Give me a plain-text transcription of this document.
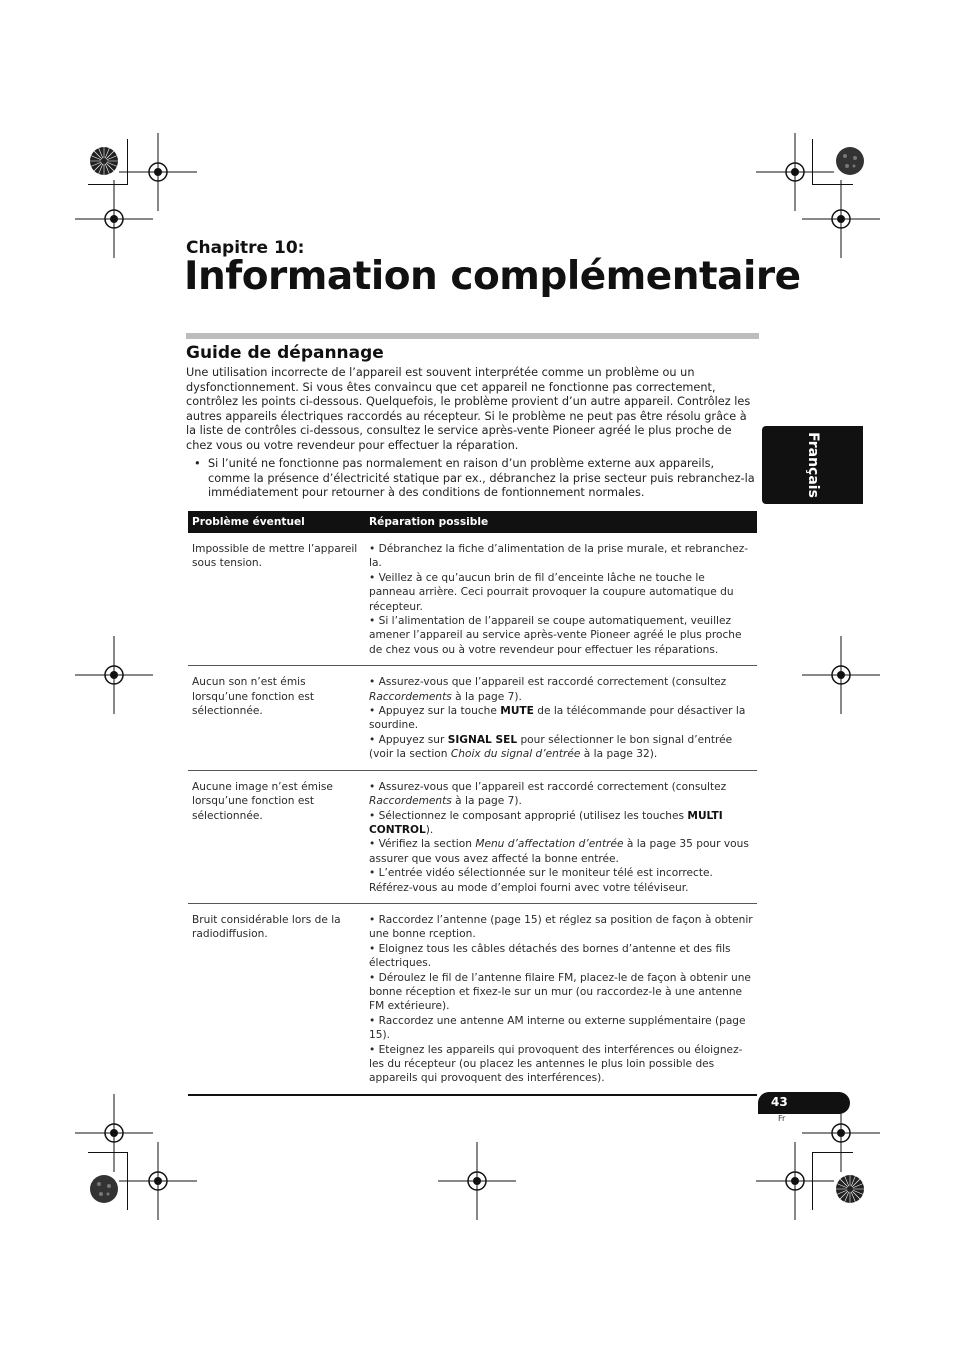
Chapitre 10:
Information complémentaire
Guide de dépannage
Une utilisation incorrecte de l’appareil est souvent interprétée comme un problème ou un dysfonctionnement. Si vous êtes convaincu que cet appareil ne fonctionne pas correctement, contrôlez les points ci-dessous. Quelquefois, le problème provient d’un autre appareil. Contrôlez les autres appareils électriques raccordés au récepteur. Si le problème ne peut pas être résolu grâce à la liste de contrôles ci-dessous, consultez le service après-vente Pioneer agréé le plus proche de chez vous ou votre revendeur pour effectuer la réparation.
• Si l’unité ne fonctionne pas normalement en raison d’un problème externe aux appareils, comme la présence d’électricité statique par ex., débranchez la prise secteur puis rebranchez-la immédiatement pour retourner à des conditions de fontionnement normales.	Français
Problème éventuel	Réparation possible
Impossible de mettre l’appareil sous tension.	• Débranchez la fiche d’alimentation de la prise murale, et rebranchez-la.
• Veillez à ce qu’aucun brin de fil d’enceinte lâche ne touche le panneau arrière. Ceci pourrait provoquer la coupure automatique du récepteur.
• Si l’alimentation de l’appareil se coupe automatiquement, veuillez amener l’appareil au service après-vente Pioneer agréé le plus proche de chez vous ou à votre revendeur pour effectuer les réparations.

Aucun son n’est émis lorsqu’une fonction est sélectionnée.	• Assurez-vous que l’appareil est raccordé correctement (consultez Raccordements à la page 7).
• Appuyez sur la touche MUTE de la télécommande pour désactiver la sourdine.
• Appuyez sur SIGNAL SEL pour sélectionner le bon signal d’entrée (voir la section Choix du signal d’entrée à la page 32).

Aucune image n’est émise lorsqu’une fonction est sélectionnée.	• Assurez-vous que l’appareil est raccordé correctement (consultez Raccordements à la page 7).
• Sélectionnez le composant approprié (utilisez les touches MULTI CONTROL).
• Vérifiez la section Menu d’affectation d’entrée à la page 35 pour vous assurer que vous avez affecté la bonne entrée.
• L’entrée vidéo sélectionnée sur le moniteur télé est incorrecte. Référez-vous au mode d’emploi fourni avec votre téléviseur.

Bruit considérable lors de la radiodiffusion.	• Raccordez l’antenne (page 15) et réglez sa position de façon à obtenir une bonne rception.
• Eloignez tous les câbles détachés des bornes d’antenne et des fils électriques.
• Déroulez le fil de l’antenne filaire FM, placez-le de façon à obtenir une bonne réception et fixez-le sur un mur (ou raccordez-le à une antenne FM extérieure).
• Raccordez une antenne AM interne ou externe supplémentaire (page 15).
• Eteignez les appareils qui provoquent des interférences ou éloignez-les du récepteur (ou placez les antennes le plus loin possible des appareils qui provoquent des interférences).
43
Fr
